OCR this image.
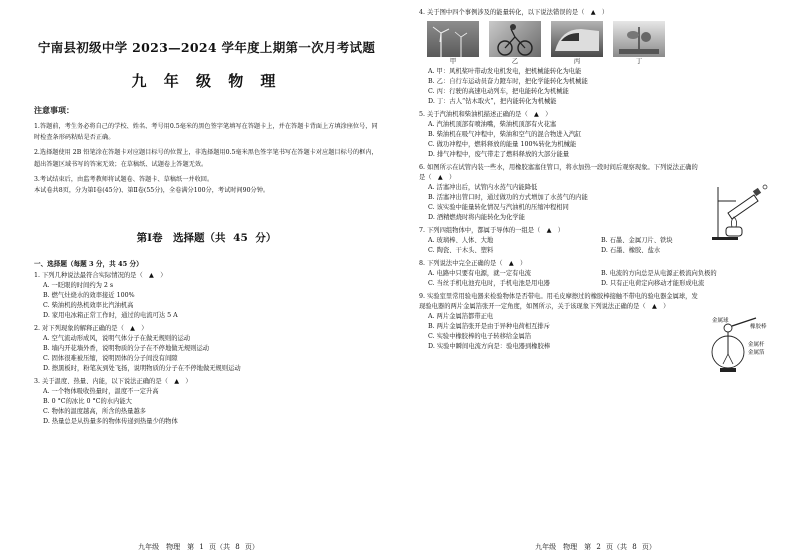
宁南县初级中学 2023—2024 学年度上期第一次月考试题
九 年 级 物 理
注意事项：

1.答题前，考生务必将自己的学校、姓名、考号用0.5毫米的黑色签字笔填写在答题卡上，并在答题卡背面上方填涂座位号，同时检查条形码粘贴是否正确。

2.选择题使用 2B 铅笔涂在答题卡对应题目标号的位置上，非选择题用0.5毫米黑色签字笔书写在答题卡对应题目标号的框内，超出答题区域书写的答案无效；在草稿纸、试题卷上答题无效。

3.考试结束后，由监考教师将试题卷、答题卡、草稿纸一并收回。

本试卷共8页，分为第Ⅰ卷(45分)、第Ⅱ卷(55分)，全卷满分100分，考试时间90分钟。

第Ⅰ卷　选择题（共 45 分）
一、选择题（每题 3 分，共 45 分）
1. 下列几种说法最符合实际情况的是（　▲　）
A. 一眨眼的时间约为 2 s
B. 燃气灶烧水的效率接近 100%
C. 柴油机的热机效率比汽油机高
D. 家用电冰箱正常工作时，通过的电流可达 5 A
2. 对下列现象的解释正确的是（　▲　）
A. 空气流动形成风，说明气体分子在做无规则的运动
B. 墙内开花墙外香，说明物质的分子在不停地做无规则运动
C. 固体很难被压缩，说明固体的分子间没有间隙
D. 擦黑板时，粉笔灰到处飞扬，说明物质的分子在不停地做无规则运动
3. 关于温度、热量、内能，以下说法正确的是（　▲　）
A. 一个物体吸收热量时，温度不一定升高
B. 0 °C的冰比 0 °C的水内能大
C. 物体的温度越高，所含的热量越多
D. 热量总是从热量多的物体传递到热量少的物体
九年级　物理　第 1 页（共 8 页）
4. 关于图中四个事例涉及的能量转化，以下说法错误的是（　▲　）
甲	乙	丙	丁
A. 甲：风机桨叶带动发电机发电，把机械能转化为电能
B. 乙：自行车运动员奋力蹬车时，把化学能转化为机械能
C. 丙：行驶的高速电动列车，把电能转化为机械能
D. 丁：古人“钻木取火”，把内能转化为机械能
5. 关于汽油机和柴油机描述正确的是（　▲　）
A. 汽油机顶部有喷油嘴，柴油机顶部有火花塞
B. 柴油机在吸气冲程中，柴油和空气的混合物进入汽缸
C. 做功冲程中，燃料释放的能量 100%转化为机械能
D. 排气冲程中，废气带走了燃料释放的大部分能量
6. 如图所示在试管内装一些水，用橡胶塞塞住管口，将水加热一段时间后观察现象。下列说法正确的是（　▲　）
A. 活塞冲出后，试管内水蒸气内能降低
B. 活塞冲出管口时，通过做功的方式增加了水蒸气的内能
C. 该实验中能量转化情况与汽油机的压缩冲程相同
D. 酒精燃烧时将内能转化为化学能
7. 下列四组物体中，都属于导体的一组是（　▲　）
A. 玻璃棒、人体、大地	B. 石墨、金属刀片、铁块
C. 陶瓷、干木头、塑料	D. 石墨、橡胶、盐水
8. 下列说法中完全正确的是（　▲　）
A. 电路中只要有电源，就一定有电流	B. 电流的方向总是从电源正极流向负极的
C. 当丝手机电池充电时，手机电池是用电器	D. 只有正电荷定向移动才能形成电流
9. 实验室里常用验电器来检验物体是否带电。用毛皮摩擦过的橡胶棒接触不带电的验电器金属球，发现验电器的两片金属箔张开一定角度，如图所示，关于该现象下列说法正确的是（　▲　）
A. 两片金属箔都带正电
B. 两片金属箔张开是由于异种电荷相互排斥
C. 实验中橡胶棒的电子转移给金属箔
D. 实验中瞬间电流方向是：验电器到橡胶棒
金属球
橡胶棒
金属杆
金属箔
九年级　物理　第 2 页（共 8 页）
